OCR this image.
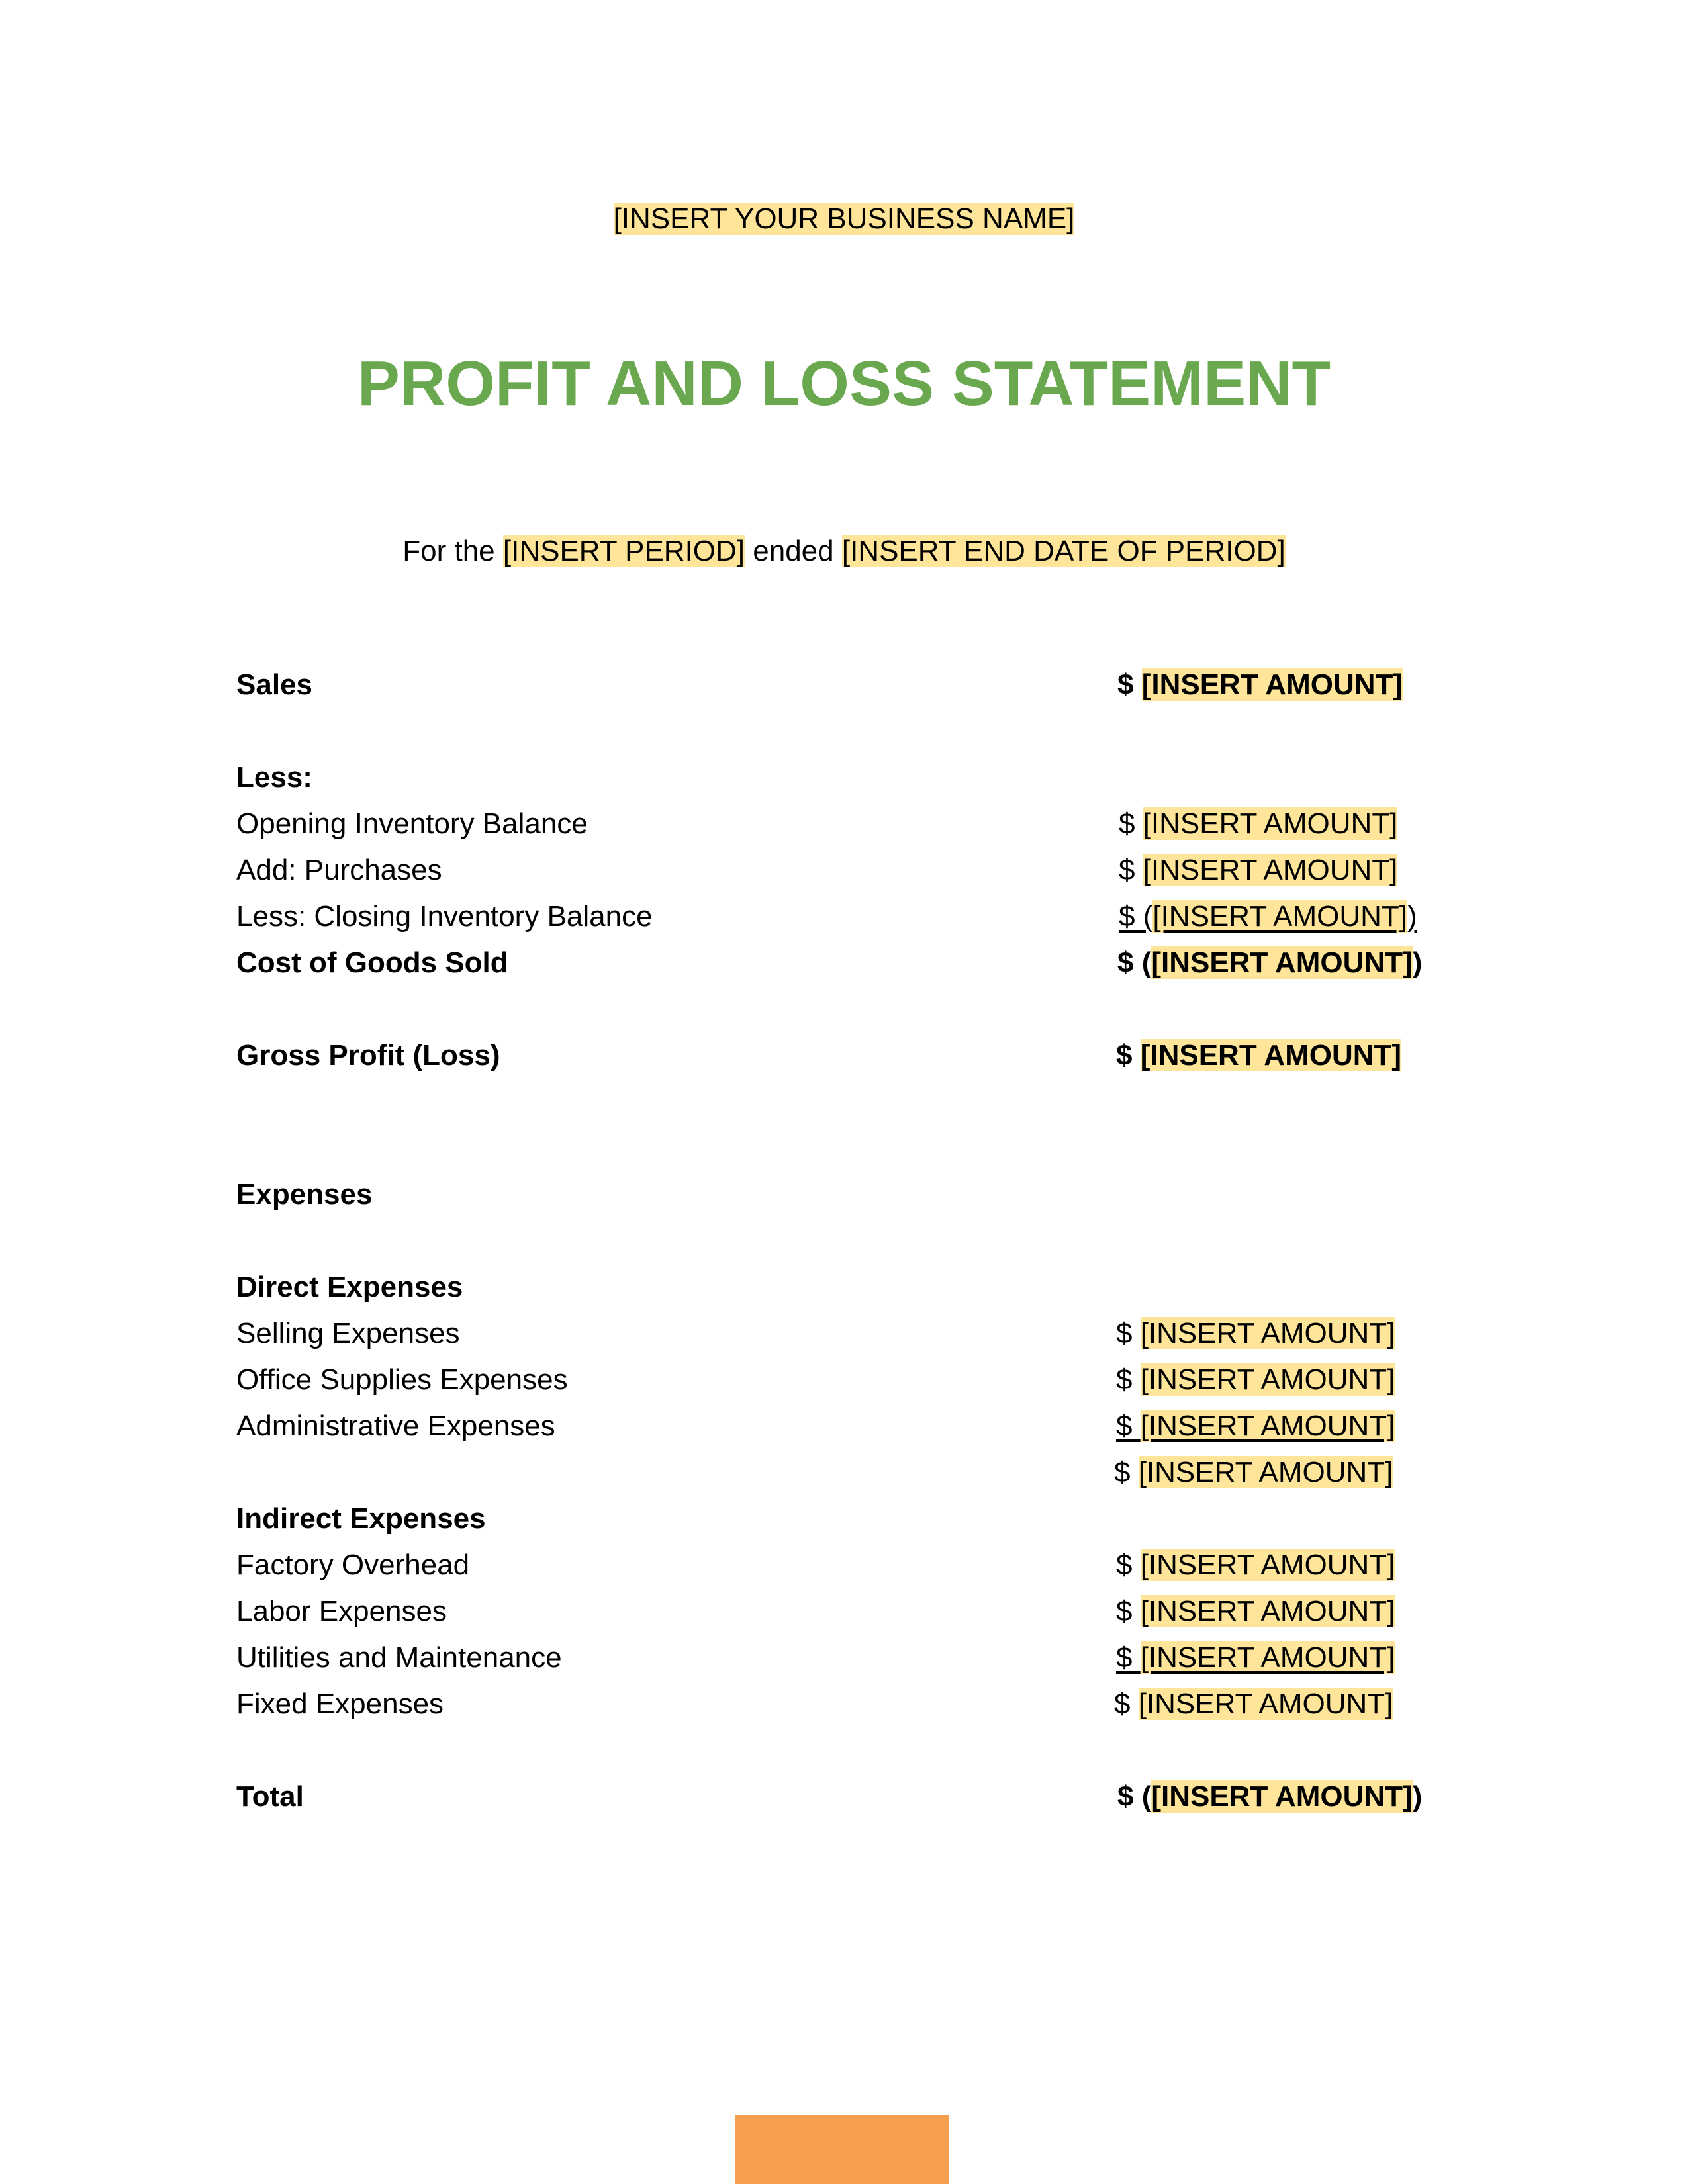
[INSERT YOUR BUSINESS NAME]
PROFIT AND LOSS STATEMENT
For the [INSERT PERIOD] ended [INSERT END DATE OF PERIOD]
Sales	$ [INSERT AMOUNT]
Less:
Opening Inventory Balance	$ [INSERT AMOUNT]
Add: Purchases	$ [INSERT AMOUNT]
Less: Closing Inventory Balance	$ ([INSERT AMOUNT])
Cost of Goods Sold	$ ([INSERT AMOUNT])
Gross Profit (Loss)	$ [INSERT AMOUNT]
Expenses
Direct Expenses
Selling Expenses	$ [INSERT AMOUNT]
Office Supplies Expenses	$ [INSERT AMOUNT]
Administrative Expenses	$ [INSERT AMOUNT]
$ [INSERT AMOUNT]
Indirect Expenses
Factory Overhead	$ [INSERT AMOUNT]
Labor Expenses	$ [INSERT AMOUNT]
Utilities and Maintenance	$ [INSERT AMOUNT]
Fixed Expenses	$ [INSERT AMOUNT]
Total	$ ([INSERT AMOUNT])
